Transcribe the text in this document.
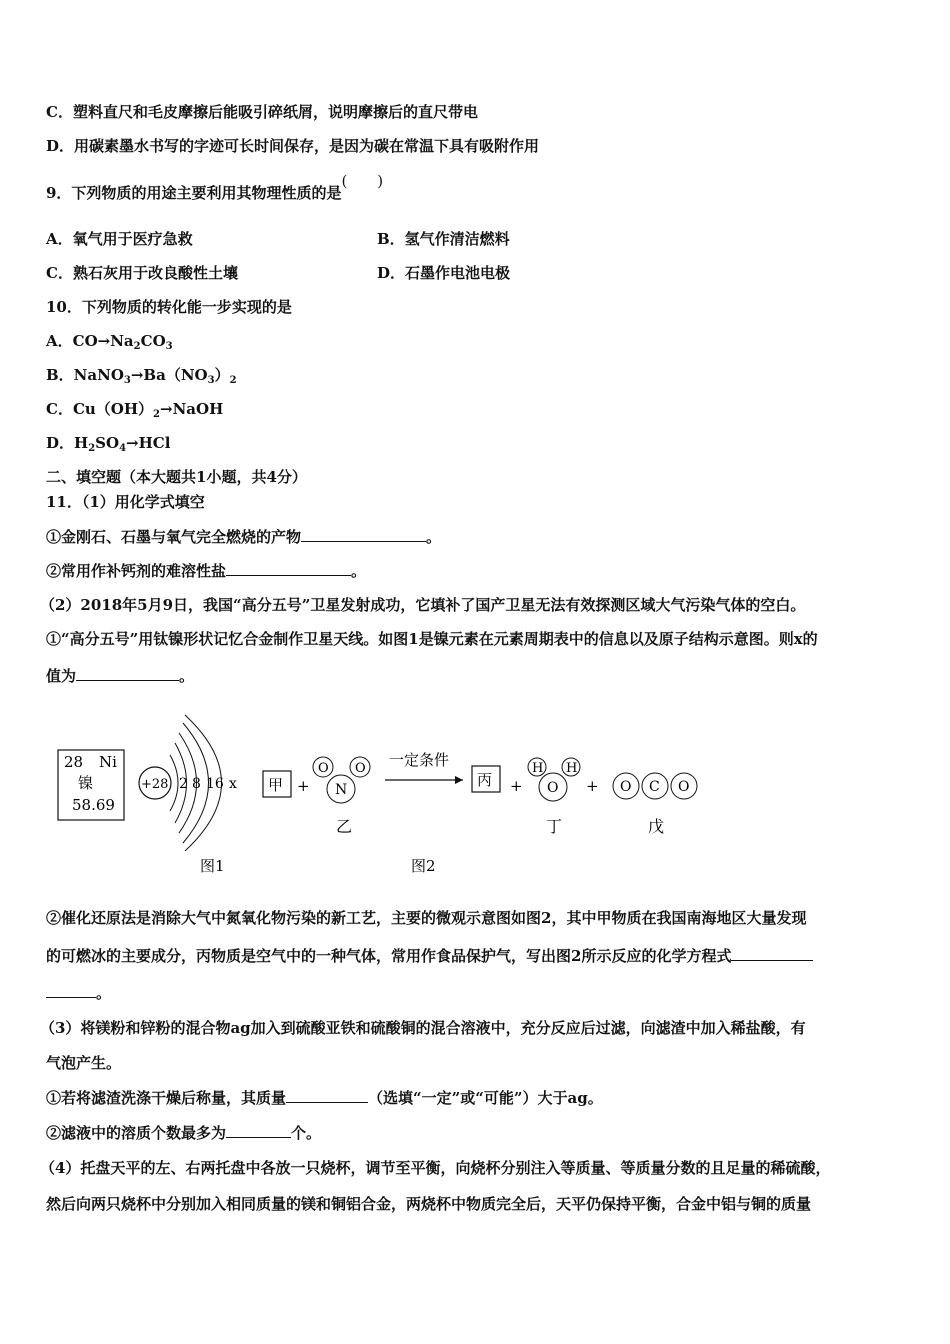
C．塑料直尺和毛皮摩擦后能吸引碎纸屑，说明摩擦后的直尺带电
D．用碳素墨水书写的字迹可长时间保存，是因为碳在常温下具有吸附作用
9．下列物质的用途主要利用其物理性质的是(　　)
A．氧气用于医疗急救	B．氢气作清洁燃料
C．熟石灰用于改良酸性土壤	D．石墨作电池电极
10．下列物质的转化能一步实现的是
A．$CO\to Na_2CO_3$
B．$NaNO_3\to Ba(NO_3)_2$
C．$Cu(OH)_2\to NaOH$
D．$H_2SO_4\to HCl$
二、填空题（本大题共1小题，共4分）
11．（1）用化学式填空
①金刚石、石墨与氧气完全燃烧的产物	。
②常用作补钙剂的难溶性盐	。
（2）2018年5月9日，我国“高分五号”卫星发射成功，它填补了国产卫星无法有效探测区域大气污染气体的空白。
①“高分五号”用钛镍形状记忆合金制作卫星天线。如图1是镍元素在元素周期表中的信息以及原子结构示意图。则x的
值为	。
28 Ni
镍
58.69
+28 2 8 16 x
图1
甲 +
O O
N
乙
一定条件
丙 +
H H
O
丁
+ O C O
戊
图2
②催化还原法是消除大气中氮氧化物污染的新工艺，主要的微观示意图如图2，其中甲物质在我国南海地区大量发现
的可燃冰的主要成分，丙物质是空气中的一种气体，常用作食品保护气，写出图2所示反应的化学方程式
。
（3）将镁粉和锌粉的混合物ag加入到硫酸亚铁和硫酸铜的混合溶液中，充分反应后过滤，向滤渣中加入稀盐酸，有
气泡产生。
①若将滤渣洗涤干燥后称量，其质量	（选填“一定”或“可能”）大于ag。
②滤液中的溶质个数最多为	个。
（4）托盘天平的左、右两托盘中各放一只烧杯，调节至平衡，向烧杯分别注入等质量、等质量分数的且足量的稀硫酸，
然后向两只烧杯中分别加入相同质量的镁和铜铝合金，两烧杯中物质完全后，天平仍保持平衡，合金中铝与铜的质量
